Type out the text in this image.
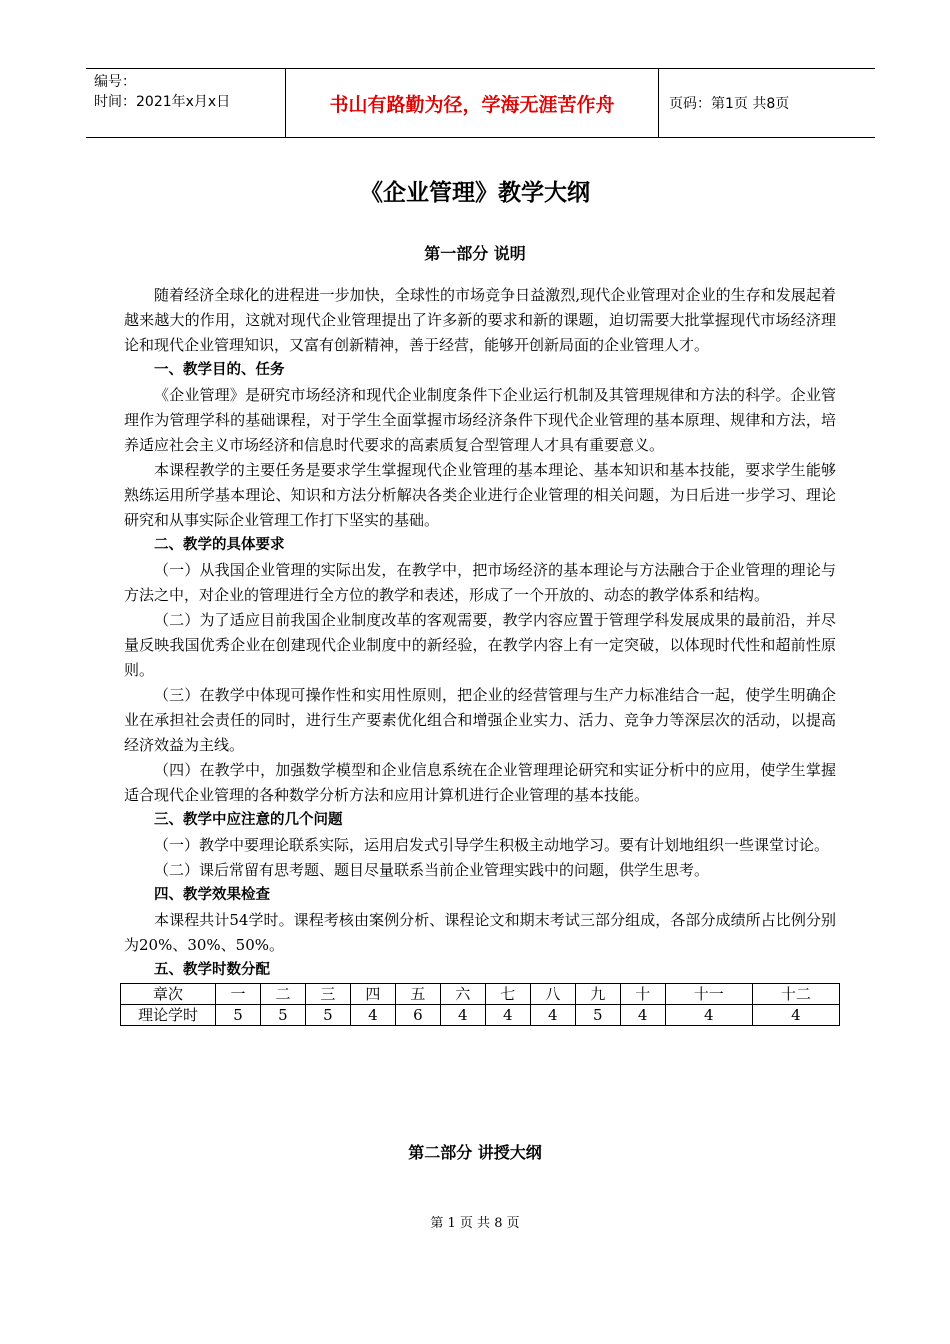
编号：
时间：2021年x月x日	书山有路勤为径，学海无涯苦作舟	页码：第1页 共8页
《企业管理》教学大纲
第一部分 说明

随着经济全球化的进程进一步加快，全球性的市场竞争日益激烈,现代企业管理对企业的生存和发展起着越来越大的作用，这就对现代企业管理提出了许多新的要求和新的课题，迫切需要大批掌握现代市场经济理论和现代企业管理知识，又富有创新精神，善于经营，能够开创新局面的企业管理人才。

一、教学目的、任务

《企业管理》是研究市场经济和现代企业制度条件下企业运行机制及其管理规律和方法的科学。企业管理作为管理学科的基础课程，对于学生全面掌握市场经济条件下现代企业管理的基本原理、规律和方法，培养适应社会主义市场经济和信息时代要求的高素质复合型管理人才具有重要意义。

本课程教学的主要任务是要求学生掌握现代企业管理的基本理论、基本知识和基本技能，要求学生能够熟练运用所学基本理论、知识和方法分析解决各类企业进行企业管理的相关问题，为日后进一步学习、理论研究和从事实际企业管理工作打下坚实的基础。

二、教学的具体要求

（一）从我国企业管理的实际出发，在教学中，把市场经济的基本理论与方法融合于企业管理的理论与方法之中，对企业的管理进行全方位的教学和表述，形成了一个开放的、动态的教学体系和结构。

（二）为了适应目前我国企业制度改革的客观需要，教学内容应置于管理学科发展成果的最前沿，并尽量反映我国优秀企业在创建现代企业制度中的新经验，在教学内容上有一定突破，以体现时代性和超前性原则。

（三）在教学中体现可操作性和实用性原则，把企业的经营管理与生产力标准结合一起，使学生明确企业在承担社会责任的同时，进行生产要素优化组合和增强企业实力、活力、竞争力等深层次的活动，以提高经济效益为主线。

（四）在教学中，加强数学模型和企业信息系统在企业管理理论研究和实证分析中的应用，使学生掌握适合现代企业管理的各种数学分析方法和应用计算机进行企业管理的基本技能。

三、教学中应注意的几个问题

（一）教学中要理论联系实际，运用启发式引导学生积极主动地学习。要有计划地组织一些课堂讨论。

（二）课后常留有思考题、题目尽量联系当前企业管理实践中的问题，供学生思考。

四、教学效果检查

本课程共计54学时。课程考核由案例分析、课程论文和期末考试三部分组成，各部分成绩所占比例分别为20%、30%、50%。

五、教学时数分配

章次	一	二	三	四	五	六	七	八	九	十	十一	十二
理论学时	5	5	5	4	6	4	4	4	5	4	4	4
第二部分 讲授大纲
第 1 页 共 8 页
